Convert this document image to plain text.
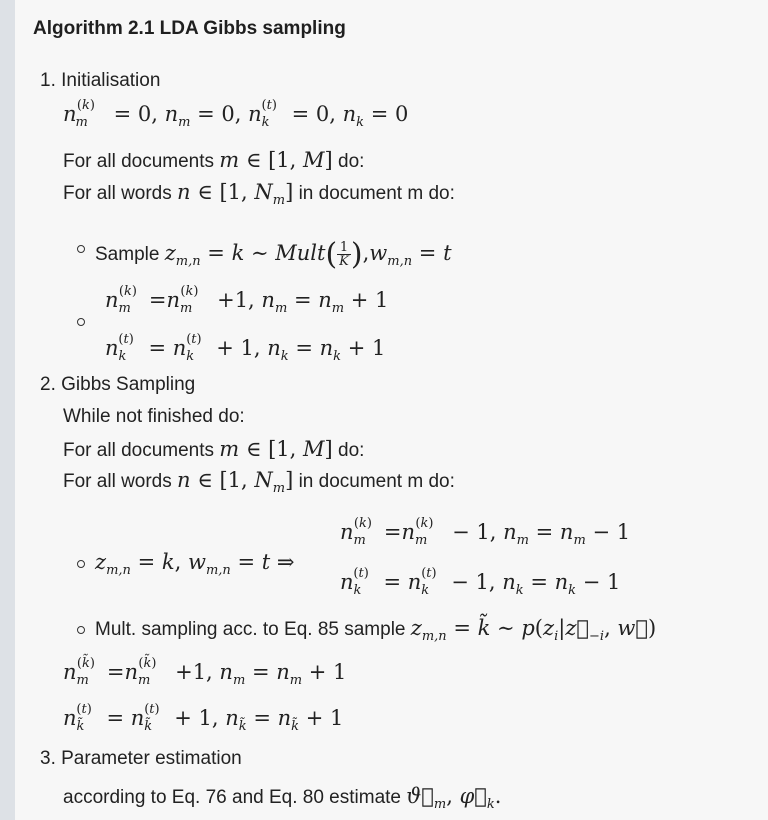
Algorithm 2.1 LDA Gibbs sampling
1. Initialisation
$n_m^{(k)} = 0$, $n_m = 0$, $n_k^{(t)} = 0$, $n_k = 0$
For all documents m ∈ [1, M] do:
For all words n ∈ [1, $N_m$] in document m do:
Sample $z_{m,n} = k$ ∼ Mult( $\frac{1}{K} ),w_{m,n} = t$
$n_m^{(k)} =n_m^{(k)} +1$, $n_m = n_m + 1$
$n_k^{(t)} = n_k^{(t)} + 1$, $n_k = n_k + 1$
2. Gibbs Sampling
While not finished do:
For all documents m ∈ [1, M] do:
For all words n ∈ [1, $N_m$] in document m do:
$z_{m,n} = k$, $w_{m,n} = t$ ⇒
$n_m^{(k)} =n_m^{(k)} - 1$, $n_m = n_m - 1$
$n_k^{(t)} = n_k^{(t)} - 1$, $n_k = n_k - 1$
Mult. sampling acc. to Eq. 85 sample $z_{m,n}$ = k̃ ∼ $p(z_i|z⃗_{-i}$, w⃗)
$n_m^{(k̃)} =n_m^{(k̃)} +1$, $n_m = n_m + 1$
$n_{k̃}^{(t)} = n_{k̃}^{(t)} + 1$, $n_{k̃} = n_{k̃} + 1$
3. Parameter estimation
according to Eq. 76 and Eq. 80 estimate $ϑ⃗_m$, $\varphi⃗_k$.
